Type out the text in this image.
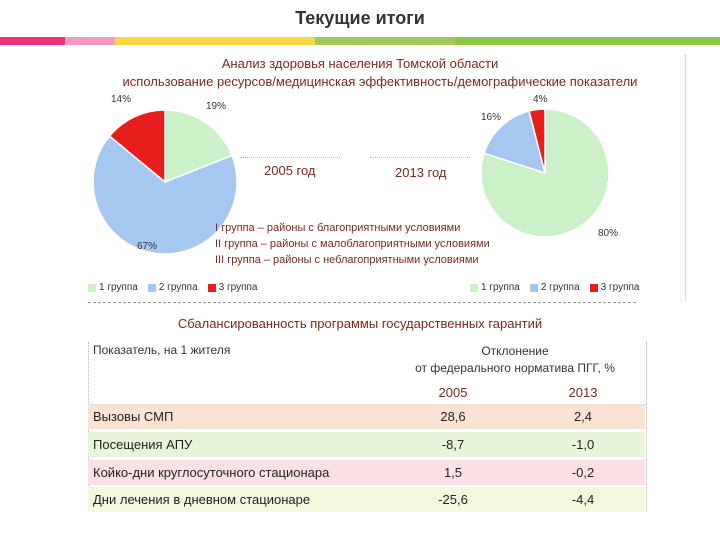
Текущие итоги
Анализ здоровья населения Томской области
использование ресурсов/медицинская эффективность/демографические показатели
19%
67%
14%
80%
16%
4%
2005 год	2013 год
I группа – районы с благоприятными условиями
II группа – районы с малоблагоприятными условиями
III группа – районы с неблагоприятными условиями
1 группа 2 группа 3 группа	1 группа 2 группа 3 группа
Сбалансированность программы государственных гарантий
Показатель, на 1 жителя	Отклонение
от федерального норматива ПГГ, %
2005	2013
Вызовы СМП	28,6	2,4
Посещения АПУ	-8,7	-1,0
Койко-дни круглосуточного стационара	1,5	-0,2
Дни лечения в дневном стационаре	-25,6	-4,4
